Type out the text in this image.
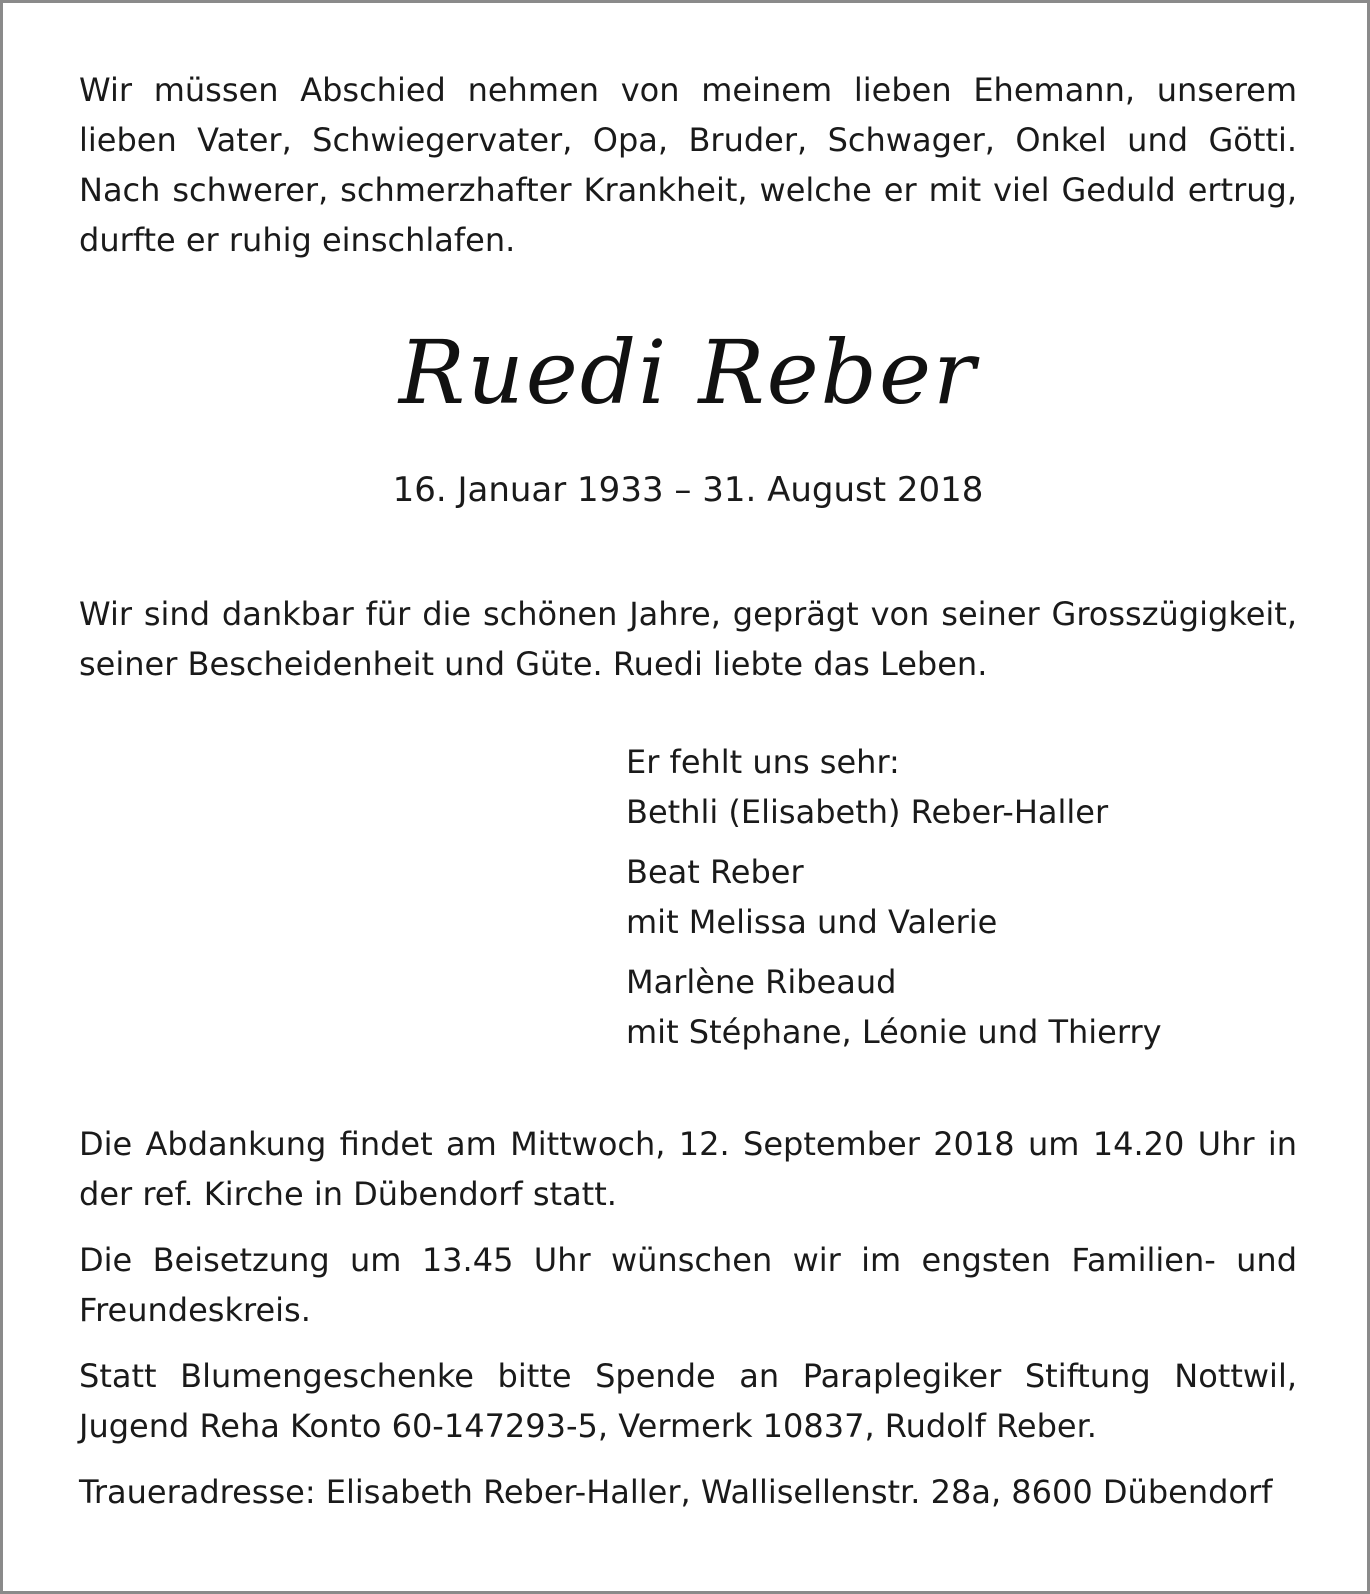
Wir müssen Abschied nehmen von meinem lieben Ehemann, unserem lieben Vater, Schwiegervater, Opa, Bruder, Schwager, Onkel und Götti. Nach schwerer, schmerzhafter Krankheit, welche er mit viel Geduld ertrug, durfte er ruhig einschlafen.

Ruedi Reber

16. Januar 1933 – 31. August 2018

Wir sind dankbar für die schönen Jahre, geprägt von seiner Grosszügigkeit, seiner Bescheidenheit und Güte. Ruedi liebte das Leben.

Er fehlt uns sehr:
Bethli (Elisabeth) Reber-Haller
Beat Reber
mit Melissa und Valerie
Marlène Ribeaud
mit Stéphane, Léonie und Thierry

Die Abdankung findet am Mittwoch, 12. September 2018 um 14.20 Uhr in der ref. Kirche in Dübendorf statt.

Die Beisetzung um 13.45 Uhr wünschen wir im engsten Familien- und Freundeskreis.

Statt Blumengeschenke bitte Spende an Paraplegiker Stiftung Nottwil, Jugend Reha Konto 60-147293-5, Vermerk 10837, Rudolf Reber.

Traueradresse: Elisabeth Reber-Haller, Wallisellenstr. 28a, 8600 Dübendorf
